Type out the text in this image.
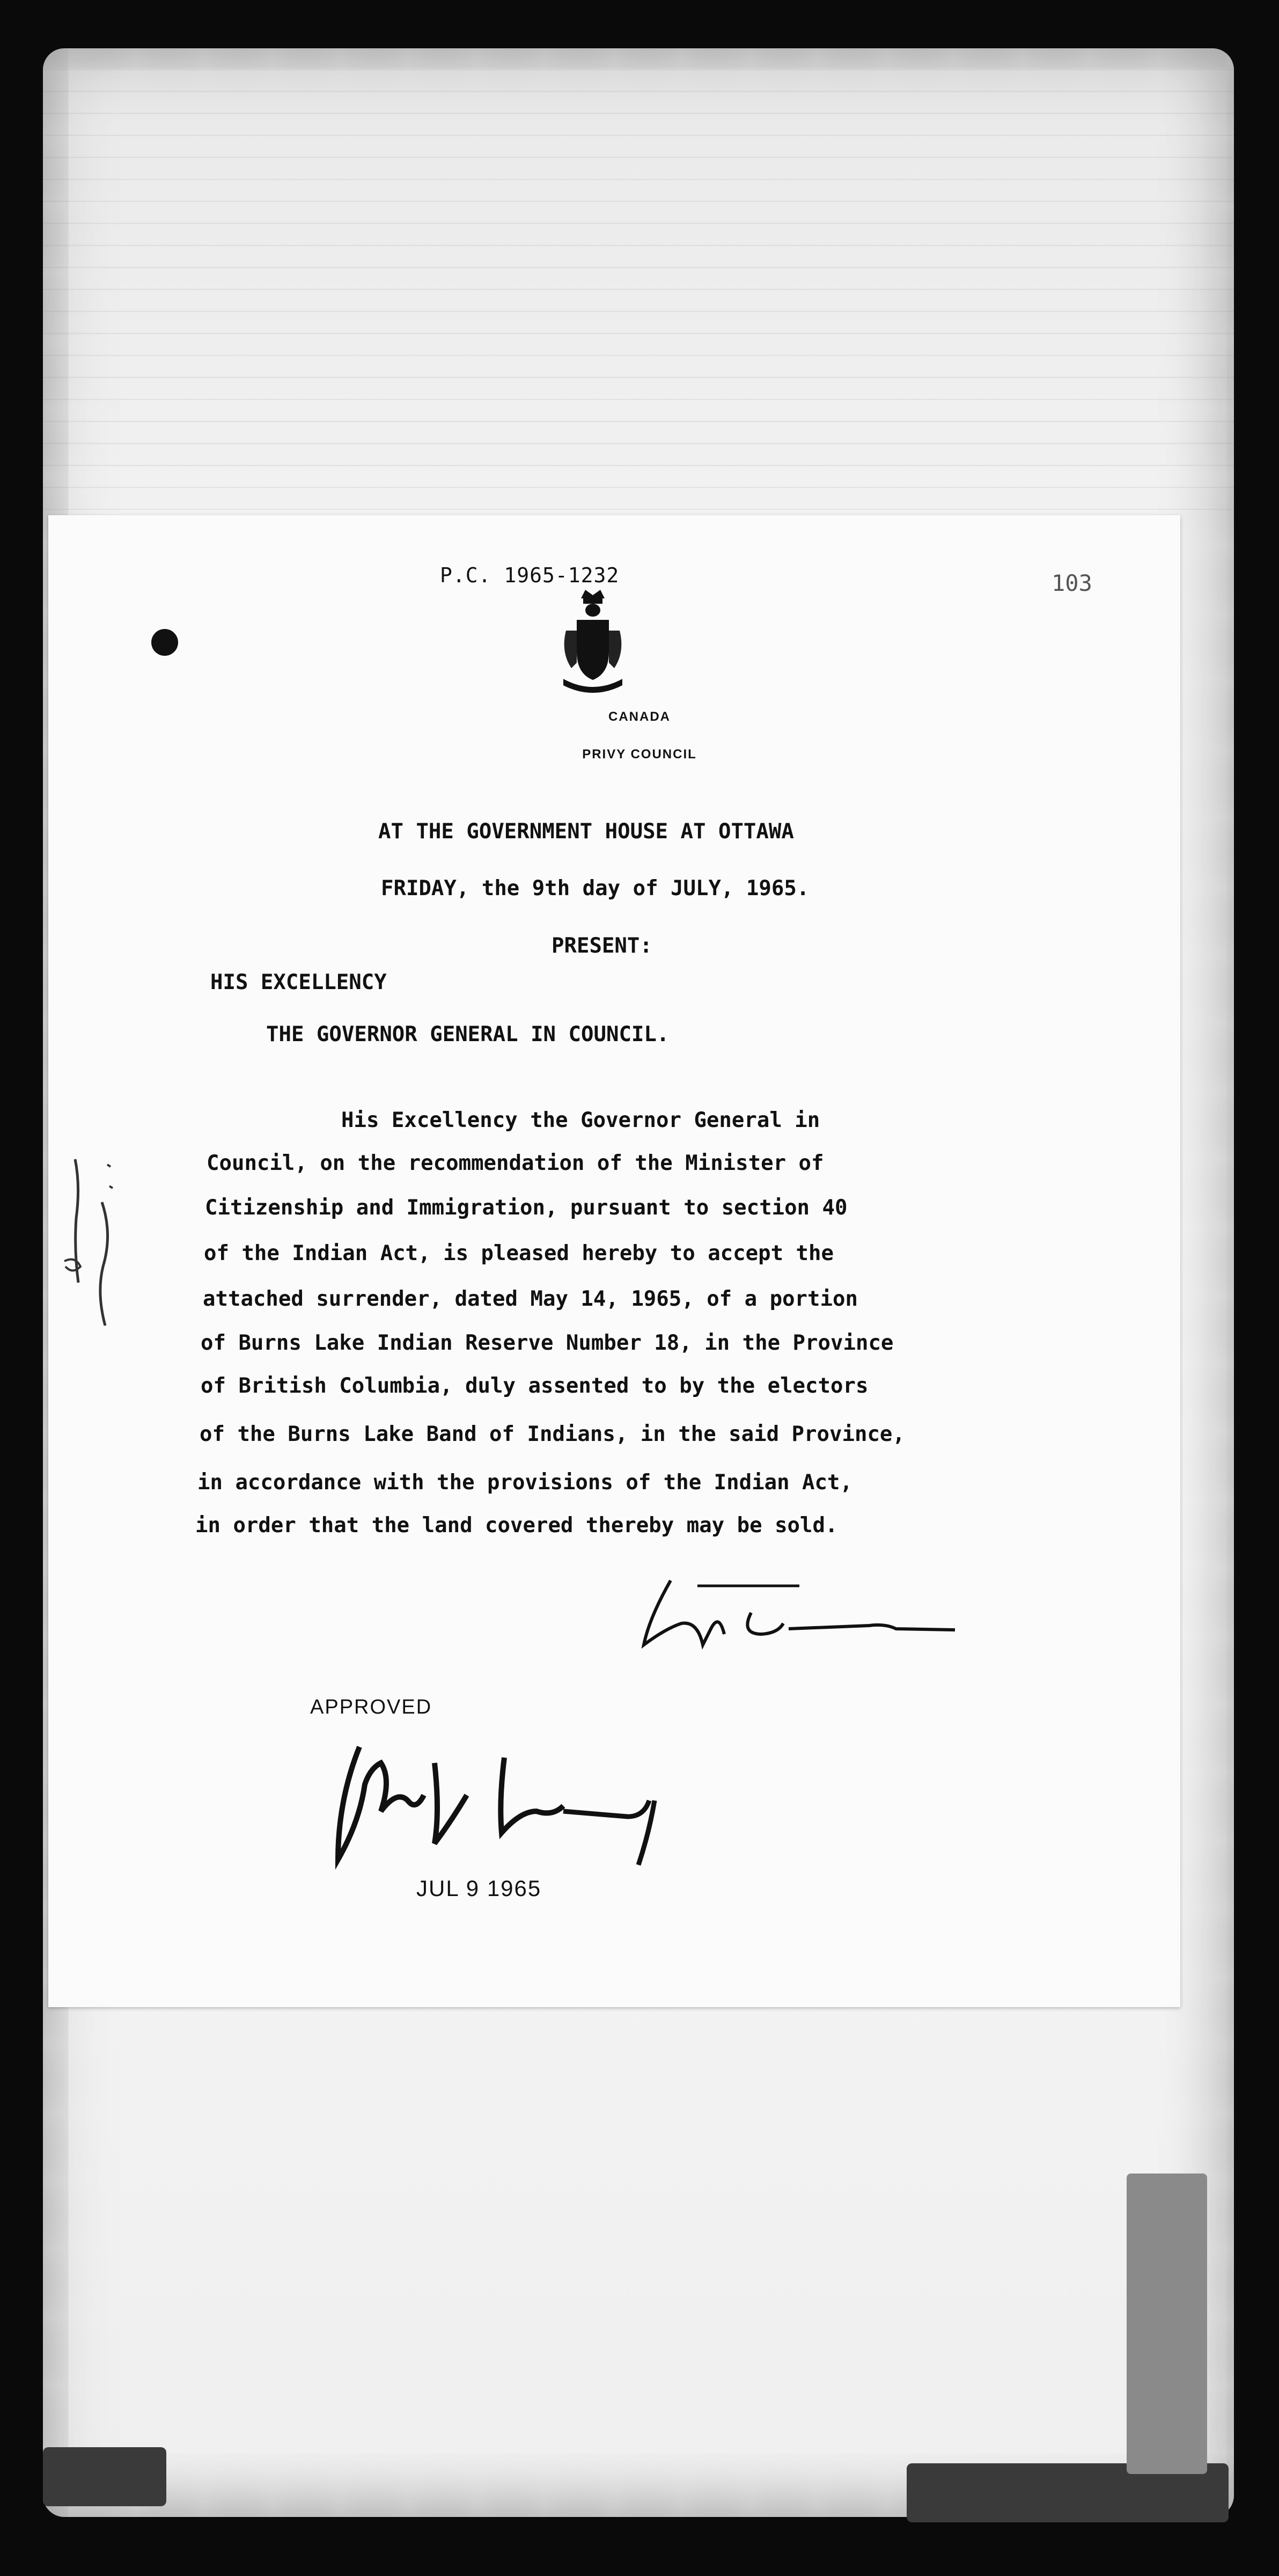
P.C. 1965-1232	103
CANADA
PRIVY COUNCIL
AT THE GOVERNMENT HOUSE AT OTTAWA
FRIDAY, the 9th day of JULY, 1965.
PRESENT:
HIS EXCELLENCY
THE GOVERNOR GENERAL IN COUNCIL.
His Excellency the Governor General in
Council, on the recommendation of the Minister of
Citizenship and Immigration, pursuant to section 40
of the Indian Act, is pleased hereby to accept the
attached surrender, dated May 14, 1965, of a portion
of Burns Lake Indian Reserve Number 18, in the Province
of British Columbia, duly assented to by the electors
of the Burns Lake Band of Indians, in the said Province,
in accordance with the provisions of the Indian Act,
in order that the land covered thereby may be sold.
APPROVED
JUL 9 1965
